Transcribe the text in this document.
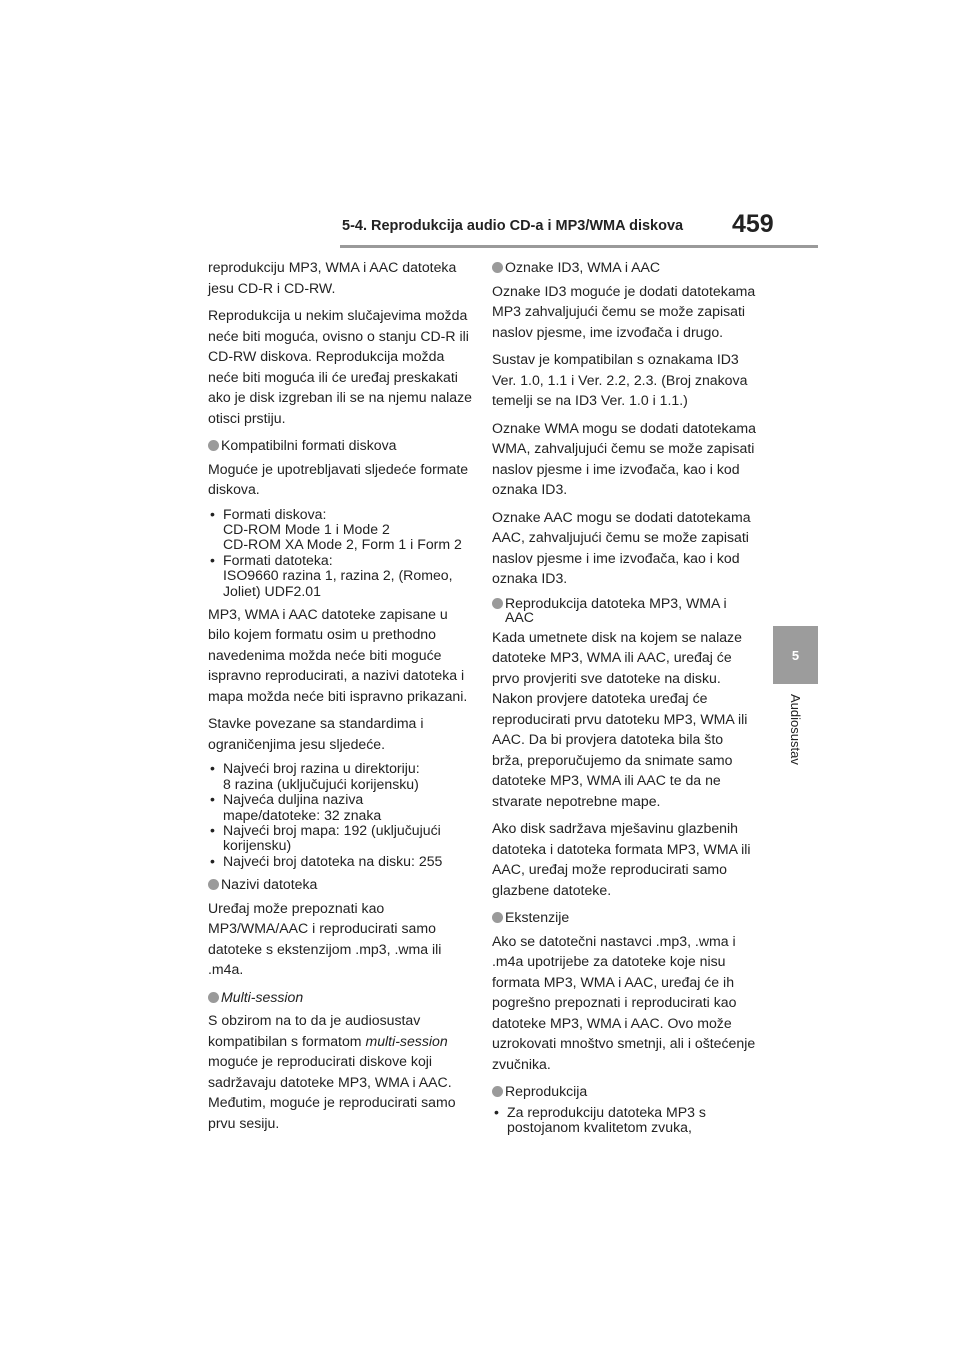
5-4. Reprodukcija audio CD-a i MP3/WMA diskova 459
5
Audiosustav

reprodukciju MP3, WMA i AAC datoteka jesu CD-R i CD-RW.

Reprodukcija u nekim slučajevima možda neće biti moguća, ovisno o stanju CD-R ili CD-RW diskova. Reprodukcija možda neće biti moguća ili će uređaj preskakati ako je disk izgreban ili se na njemu nalaze otisci prstiju.

Kompatibilni formati diskova

Moguće je upotrebljavati sljedeće formate diskova.

• Formati diskova:
CD-ROM Mode 1 i Mode 2
CD-ROM XA Mode 2, Form 1 i Form 2
• Formati datoteka:
ISO9660 razina 1, razina 2, (Romeo, Joliet) UDF2.01

MP3, WMA i AAC datoteke zapisane u bilo kojem formatu osim u prethodno navedenima možda neće biti moguće ispravno reproducirati, a nazivi datoteka i mapa možda neće biti ispravno prikazani.

Stavke povezane sa standardima i ograničenjima jesu sljedeće.

• Najveći broj razina u direktoriju:
8 razina (uključujući korijensku)
• Najveća duljina naziva
mape/datoteke: 32 znaka
• Najveći broj mapa: 192 (uključujući
korijensku)
• Najveći broj datoteka na disku: 255
Nazivi datoteka

Uređaj može prepoznati kao MP3/WMA/AAC i reproducirati samo datoteke s ekstenzijom .mp3, .wma ili .m4a.

Multi-session

S obzirom na to da je audiosustav kompatibilan s formatom multi-session moguće je reproducirati diskove koji sadržavaju datoteke MP3, WMA i AAC. Međutim, moguće je reproducirati samo prvu sesiju.

Oznake ID3, WMA i AAC

Oznake ID3 moguće je dodati datotekama MP3 zahvaljujući čemu se može zapisati naslov pjesme, ime izvođača i drugo.

Sustav je kompatibilan s oznakama ID3 Ver. 1.0, 1.1 i Ver. 2.2, 2.3. (Broj znakova temelji se na ID3 Ver. 1.0 i 1.1.)

Oznake WMA mogu se dodati datotekama WMA, zahvaljujući čemu se može zapisati naslov pjesme i ime izvođača, kao i kod oznaka ID3.

Oznake AAC mogu se dodati datotekama AAC, zahvaljujući čemu se može zapisati naslov pjesme i ime izvođača, kao i kod oznaka ID3.

Reprodukcija datoteka MP3, WMA i AAC

Kada umetnete disk na kojem se nalaze datoteke MP3, WMA ili AAC, uređaj će prvo provjeriti sve datoteke na disku. Nakon provjere datoteka uređaj će reproducirati prvu datoteku MP3, WMA ili AAC. Da bi provjera datoteka bila što brža, preporučujemo da snimate samo datoteke MP3, WMA ili AAC te da ne stvarate nepotrebne mape.

Ako disk sadržava mješavinu glazbenih datoteka i datoteka formata MP3, WMA ili AAC, uređaj može reproducirati samo glazbene datoteke.

Ekstenzije

Ako se datotečni nastavci .mp3, .wma i .m4a upotrijebe za datoteke koje nisu formata MP3, WMA i AAC, uređaj će ih pogrešno prepoznati i reproducirati kao datoteke MP3, WMA i AAC. Ovo može uzrokovati mnoštvo smetnji, ali i oštećenje zvučnika.

Reprodukcija
• Za reprodukciju datoteka MP3 s
postojanom kvalitetom zvuka,
